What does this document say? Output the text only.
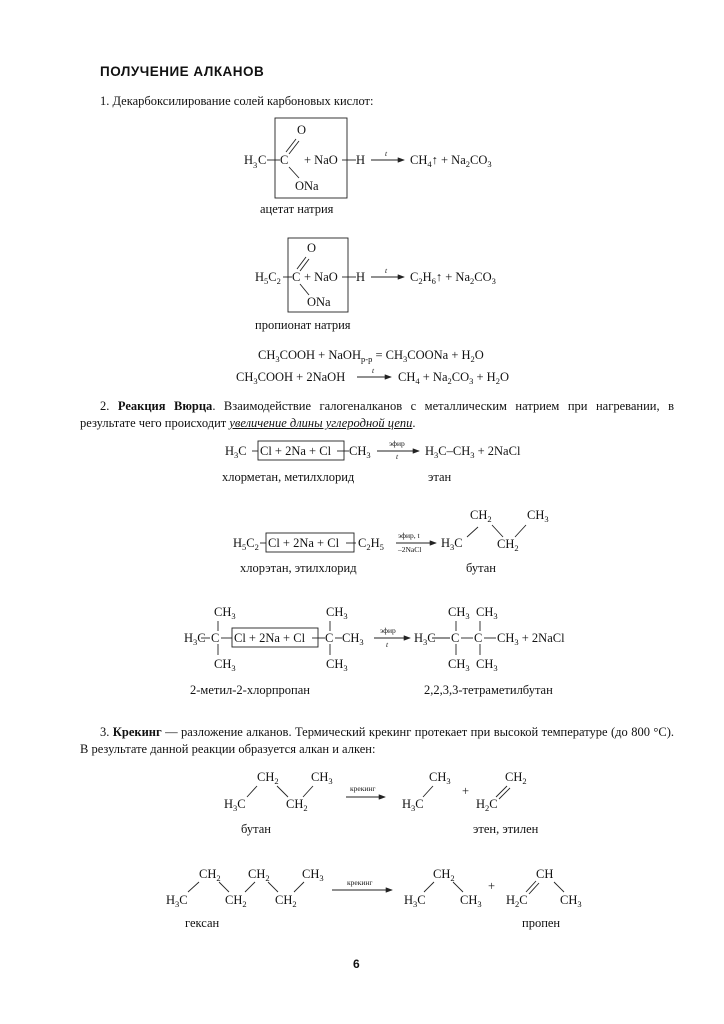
ПОЛУЧЕНИЕ АЛКАНОВ
1. Декарбоксилирование солей карбоновых кислот:
2. Реакция Вюрца. Взаимодействие галогеналканов с металлическим натрием при нагревании, в результате чего происходит увеличение длины углеродной цепи.
3. Крекинг — разложение алканов. Термический крекинг протекает при высокой температуре (до 800 °С). В результате данной реакции образуется алкан и алкен:
O
H 3 C C + NaO H
ONa
t $CH_4↑ + Na_2CO_3$
ацетат натрия
O
$H_5C_2$ C + NaO H
ONa
t $C_2H_6↑ + Na_2CO_3$
пропионат натрия
$CH_3COOH$ + NaOH$_{р-р}$ = $CH_3COONa + H_2O$
$CH_3COOH$ + 2NaOH	t $CH_4 + Na_2CO_3 + H_2O$
$H_3C$ Cl + 2Na + Cl $CH_3$
эфир
t $H_3C-CH_3$ + 2NaCl
хлорметан, метилхлорид	этан
$H_5C_2$ Cl + 2Na + Cl $C_2H_5$
эфир, t
–2NaCl $H_3C$
$CH_2$
$CH_2$
$CH_3$
хлорэтан, этилхлорид	бутан
$CH_3$
$H_3C$ C
$CH_3$
Cl + 2Na + Cl
$CH_3$
C $CH_3$
$CH_3$
эфир
t $H_3C$ C C $CH_3$ + 2NaCl
$CH_3$ $CH_3$
$CH_3$ $CH_3$
2-метил-2-хлорпропан	2,2,3,3-тетраметилбутан
$H_3C$
$CH_2$
$CH_2$
$CH_3$
крекинг
$H_3C$
$CH_3$
+
$H_2C$
$CH_2$
бутан	этен, этилен
$H_3C$
$CH_2$
$CH_2$
$CH_2$
$CH_2$
$CH_3$	крекинг
$H_3C$
$CH_2$
$CH_3$
+
$H_2C$
CH
$CH_3$
гексан	пропен
6
